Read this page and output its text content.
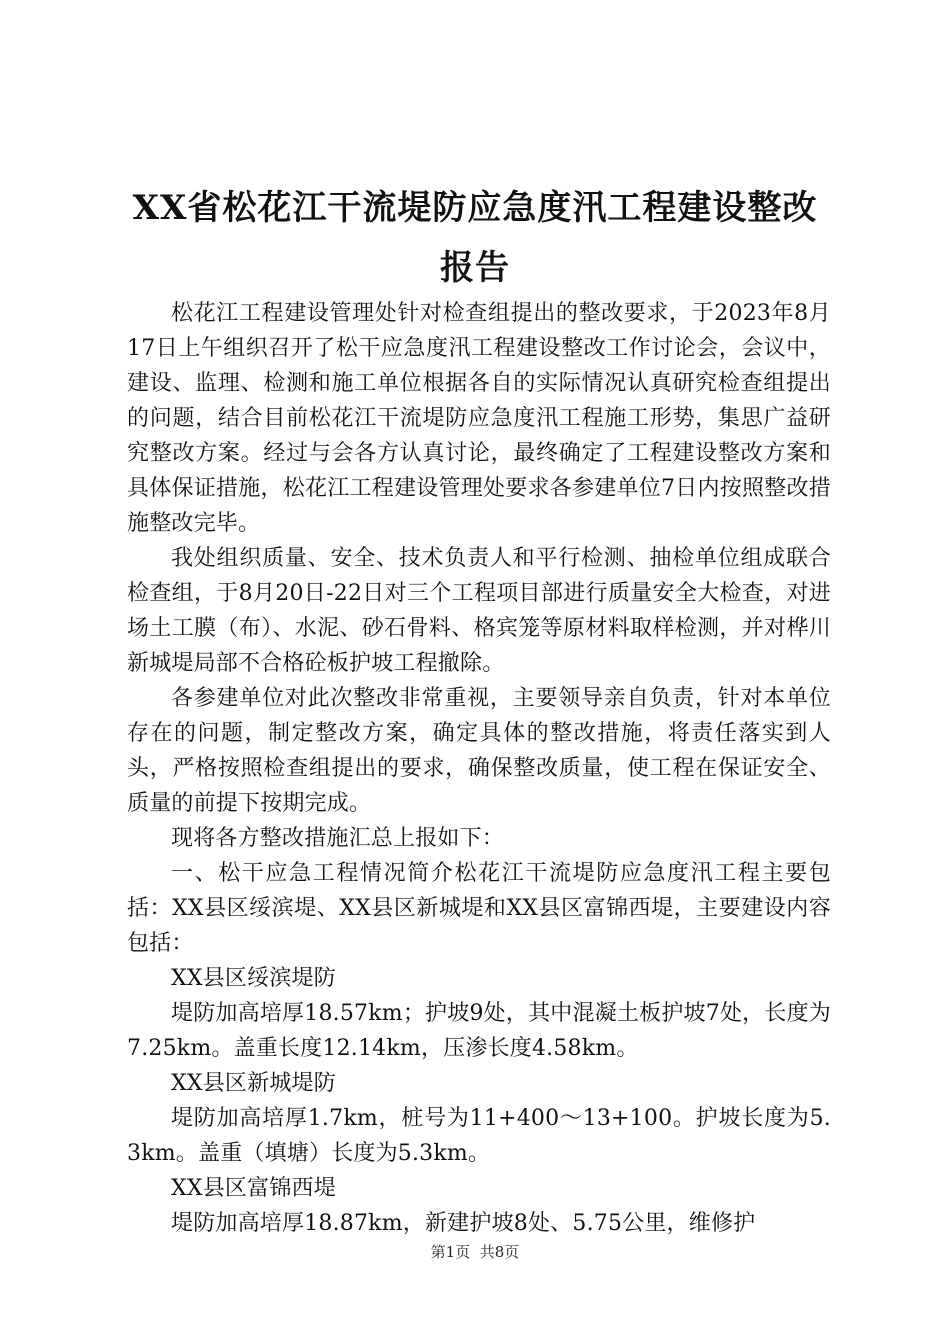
XX省松花江干流堤防应急度汛工程建设整改
报告

松花江工程建设管理处针对检查组提出的整改要求，于2023年8月17日上午组织召开了松干应急度汛工程建设整改工作讨论会，会议中，建设、监理、检测和施工单位根据各自的实际情况认真研究检查组提出的问题，结合目前松花江干流堤防应急度汛工程施工形势，集思广益研究整改方案。经过与会各方认真讨论，最终确定了工程建设整改方案和具体保证措施，松花江工程建设管理处要求各参建单位7日内按照整改措施整改完毕。

我处组织质量、安全、技术负责人和平行检测、抽检单位组成联合检查组，于8月20日-22日对三个工程项目部进行质量安全大检查，对进场土工膜（布）、水泥、砂石骨料、格宾笼等原材料取样检测，并对桦川新城堤局部不合格砼板护坡工程撤除。

各参建单位对此次整改非常重视，主要领导亲自负责，针对本单位存在的问题，制定整改方案，确定具体的整改措施，将责任落实到人头，严格按照检查组提出的要求，确保整改质量，使工程在保证安全、质量的前提下按期完成。

现将各方整改措施汇总上报如下：

一、松干应急工程情况简介松花江干流堤防应急度汛工程主要包括：XX县区绥滨堤、XX县区新城堤和XX县区富锦西堤，主要建设内容包括：

XX县区绥滨堤防

堤防加高培厚18.57km；护坡9处，其中混凝土板护坡7处，长度为7.25km。盖重长度12.14km，压渗长度4.58km。

XX县区新城堤防

堤防加高培厚1.7km，桩号为11+400～13+100。护坡长度为5.3km。盖重（填塘）长度为5.3km。

XX县区富锦西堤

堤防加高培厚18.87km，新建护坡8处、5.75公里，维修护

第1页 共8页
